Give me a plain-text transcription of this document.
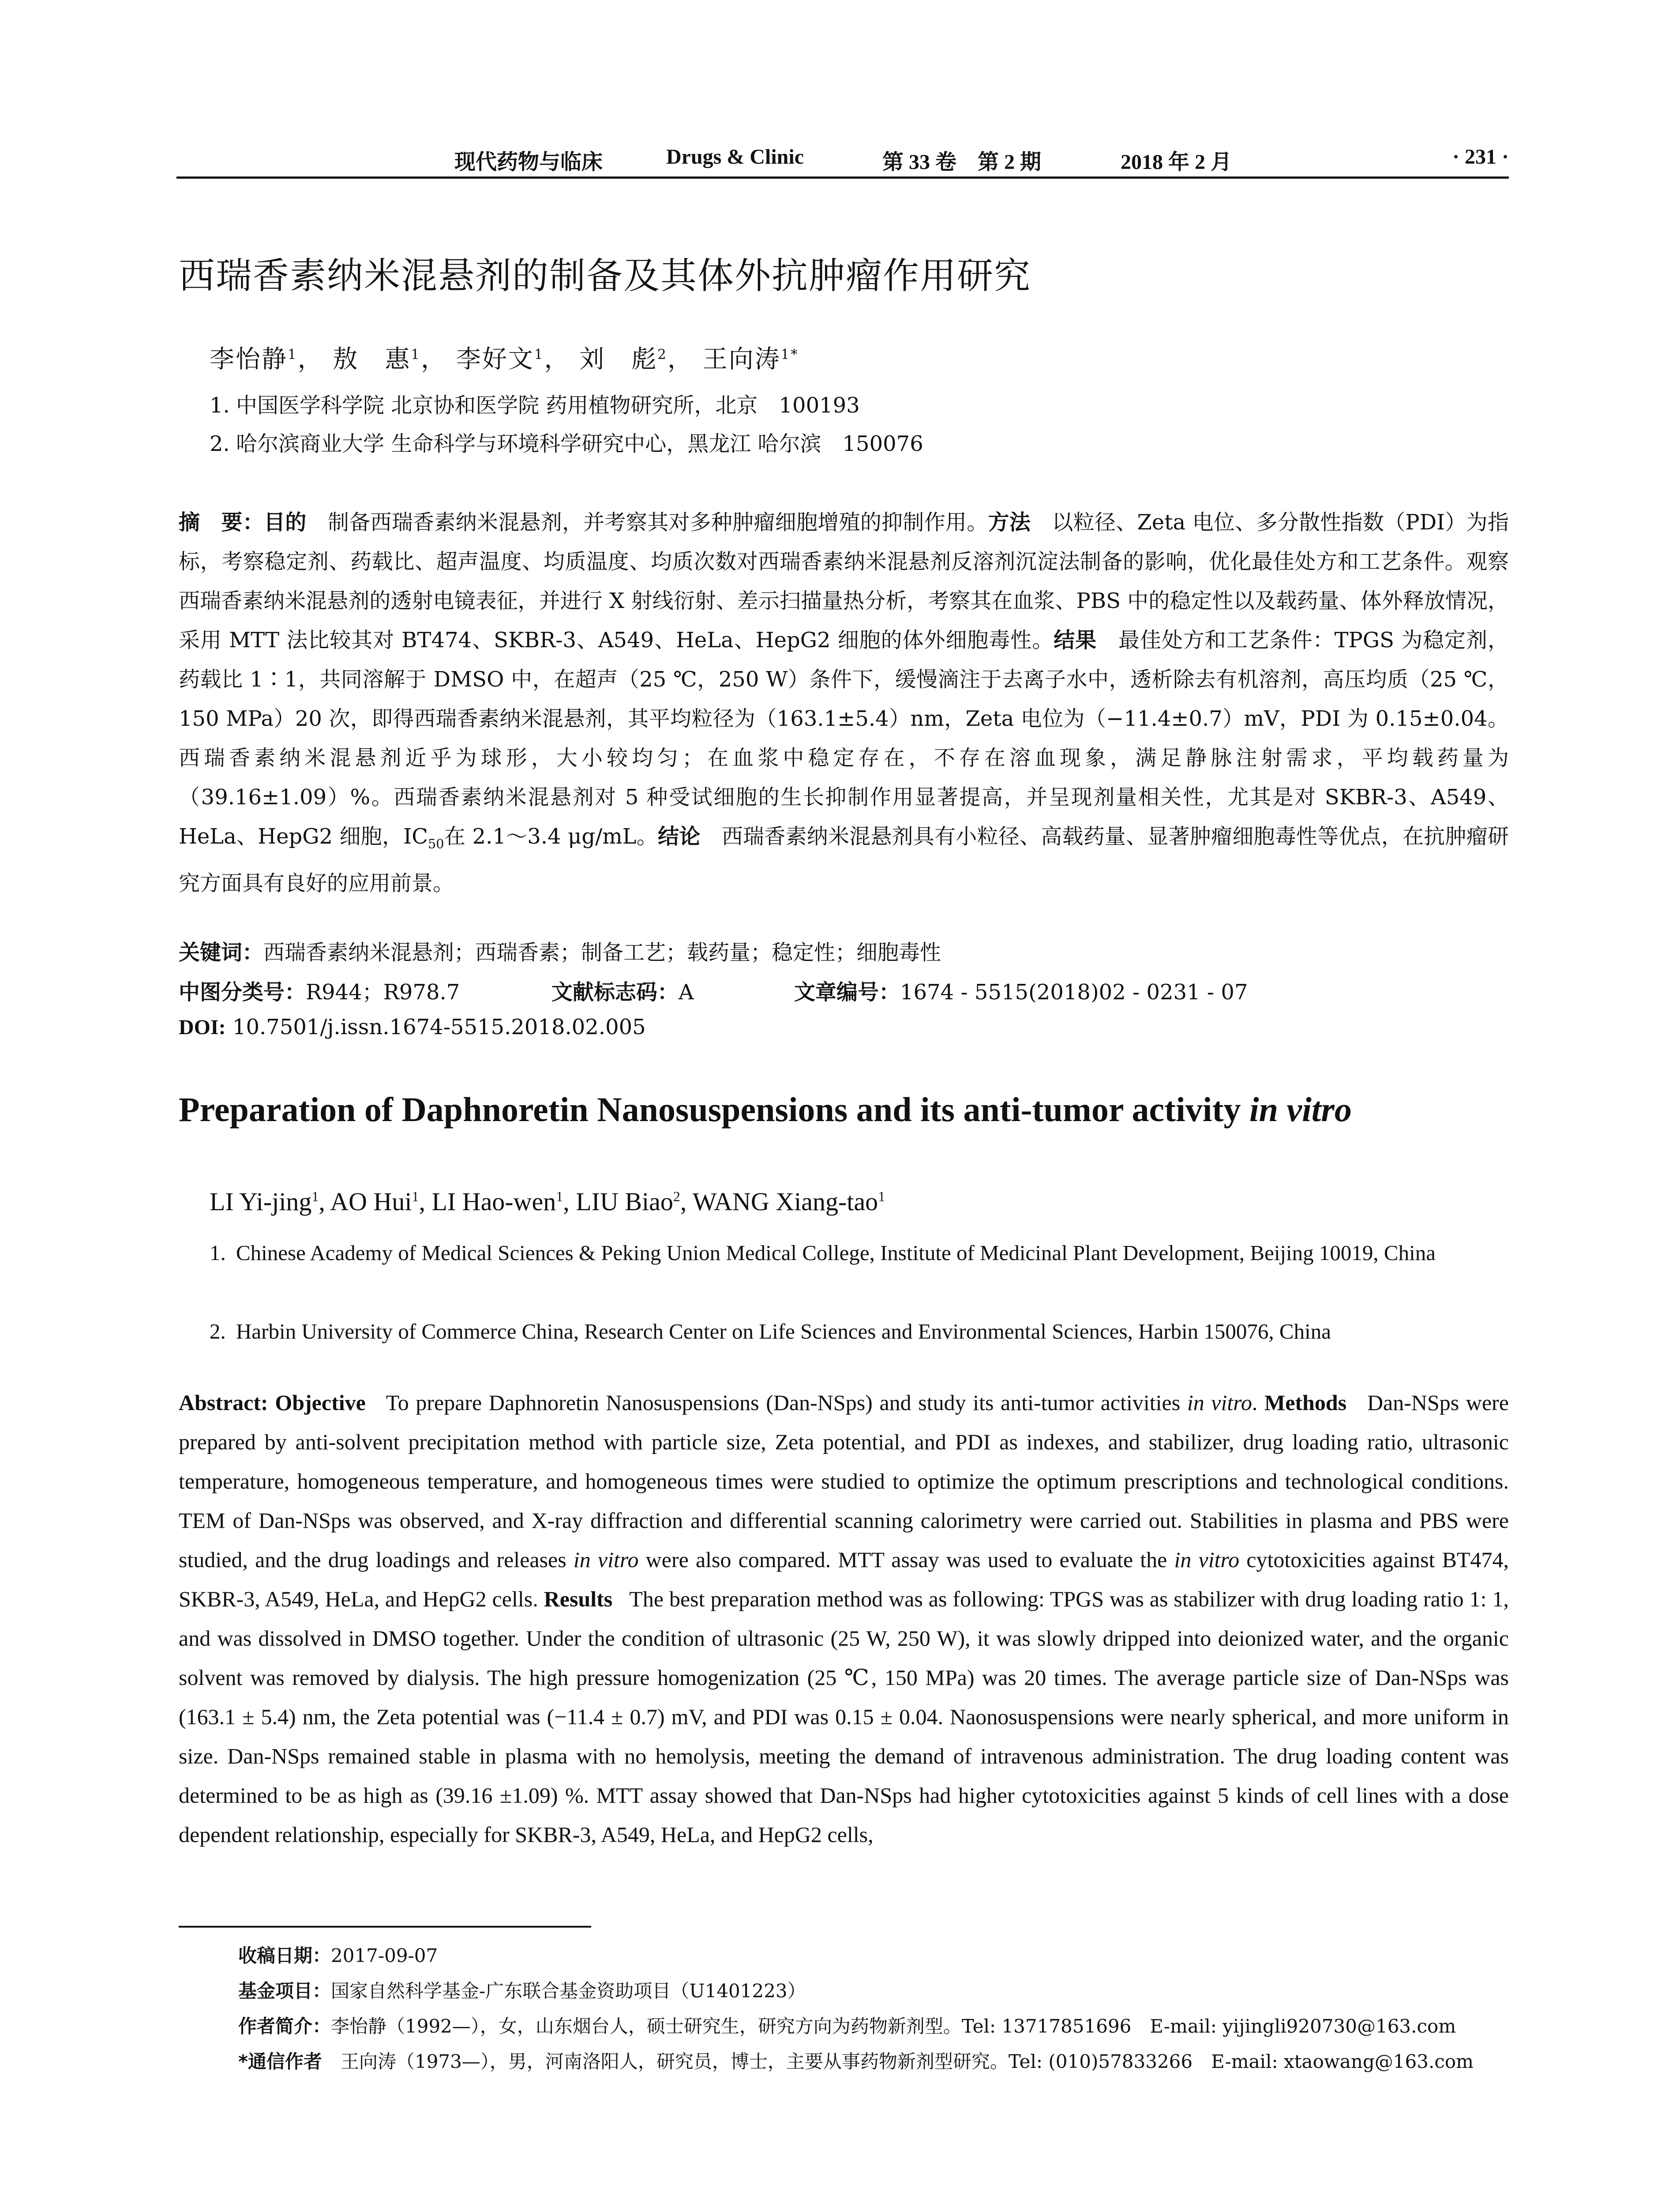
现代药物与临床	Drugs & Clinic	第 33 卷　第 2 期	2018 年 2 月	· 231 ·
西瑞香素纳米混悬剂的制备及其体外抗肿瘤作用研究
李怡静$^1$， 敖　惠$^1$， 李好文$^1$， 刘　彪$^2$， 王向涛$^{1*}$
1. 中国医学科学院 北京协和医学院 药用植物研究所，北京　100193
2. 哈尔滨商业大学 生命科学与环境科学研究中心，黑龙江 哈尔滨　150076
摘　要：目的　 制备西瑞香素纳米混悬剂，并考察其对多种肿瘤细胞增殖的抑制作用。方法　 以粒径、Zeta 电位、多分散性指数（PDI）为指标，考察稳定剂、药载比、超声温度、均质温度、均质次数对西瑞香素纳米混悬剂反溶剂沉淀法制备的影响，优化最佳处方和工艺条件。观察西瑞香素纳米混悬剂的透射电镜表征，并进行 X 射线衍射、差示扫描量热分析，考察其在血浆、PBS 中的稳定性以及载药量、体外释放情况，采用 MTT 法比较其对 BT474、SKBR-3、A549、HeLa、HepG2 细胞的体外细胞毒性。结果　 最佳处方和工艺条件：TPGS 为稳定剂，药载比 1∶1，共同溶解于 DMSO 中，在超声（25 ℃，250 W）条件下，缓慢滴注于去离子水中，透析除去有机溶剂，高压均质（25 ℃，150 MPa）20 次，即得西瑞香素纳米混悬剂，其平均粒径为（163.1±5.4）nm，Zeta 电位为（−11.4±0.7）mV，PDI 为 0.15±0.04。西瑞香素纳米混悬剂近乎为球形，大小较均匀；在血浆中稳定存在，不存在溶血现象，满足静脉注射需求，平均载药量为（39.16±1.09）%。西瑞香素纳米混悬剂对 5 种受试细胞的生长抑制作用显著提高，并呈现剂量相关性，尤其是对 SKBR-3、A549、HeLa、HepG2 细胞，$IC_{50}$在 2.1～3.4 μg/mL。结论　 西瑞香素纳米混悬剂具有小粒径、高载药量、显著肿瘤细胞毒性等优点，在抗肿瘤研究方面具有良好的应用前景。
关键词：西瑞香素纳米混悬剂；西瑞香素；制备工艺；载药量；稳定性；细胞毒性
中图分类号：R944；R978.7	文献标志码：A	文章编号：1674 - 5515(2018)02 - 0231 - 07
DOI: 10.7501/j.issn.1674-5515.2018.02.005
Preparation of Daphnoretin Nanosuspensions and its anti-tumor activity in vitro
LI Yi-jing$^1$, AO Hui$^1$, LI Hao-wen$^1$, LIU Biao$^2$, WANG Xiang-tao$^1$
1. Chinese Academy of Medical Sciences & Peking Union Medical College, Institute of Medicinal Plant Development, Beijing 10019, China
2. Harbin University of Commerce China, Research Center on Life Sciences and Environmental Sciences, Harbin 150076, China
Abstract: Objective To prepare Daphnoretin Nanosuspensions (Dan-NSps) and study its anti-tumor activities in vitro. Methods Dan-NSps were prepared by anti-solvent precipitation method with particle size, Zeta potential, and PDI as indexes, and stabilizer, drug loading ratio, ultrasonic temperature, homogeneous temperature, and homogeneous times were studied to optimize the optimum prescriptions and technological conditions. TEM of Dan-NSps was observed, and X-ray diffraction and differential scanning calorimetry were carried out. Stabilities in plasma and PBS were studied, and the drug loadings and releases in vitro were also compared. MTT assay was used to evaluate the in vitro cytotoxicities against BT474, SKBR-3, A549, HeLa, and HepG2 cells. Results The best preparation method was as following: TPGS was as stabilizer with drug loading ratio 1: 1, and was dissolved in DMSO together. Under the condition of ultrasonic (25 W, 250 W), it was slowly dripped into deionized water, and the organic solvent was removed by dialysis. The high pressure homogenization (25 ℃, 150 MPa) was 20 times. The average particle size of Dan-NSps was (163.1 ± 5.4) nm, the Zeta potential was (−11.4 ± 0.7) mV, and PDI was 0.15 ± 0.04. Naonosuspensions were nearly spherical, and more uniform in size. Dan-NSps remained stable in plasma with no hemolysis, meeting the demand of intravenous administration. The drug loading content was determined to be as high as (39.16 ±1.09) %. MTT assay showed that Dan-NSps had higher cytotoxicities against 5 kinds of cell lines with a dose dependent relationship, especially for SKBR-3, A549, HeLa, and HepG2 cells,
收稿日期：2017-09-07
基金项目：国家自然科学基金-广东联合基金资助项目（U1401223）
作者简介：李怡静（1992—），女，山东烟台人，硕士研究生，研究方向为药物新剂型。Tel: 13717851696　E-mail: yijingli920730@163.com
*通信作者　 王向涛（1973—），男，河南洛阳人，研究员，博士，主要从事药物新剂型研究。Tel: (010)57833266　E-mail: xtaowang@163.com
